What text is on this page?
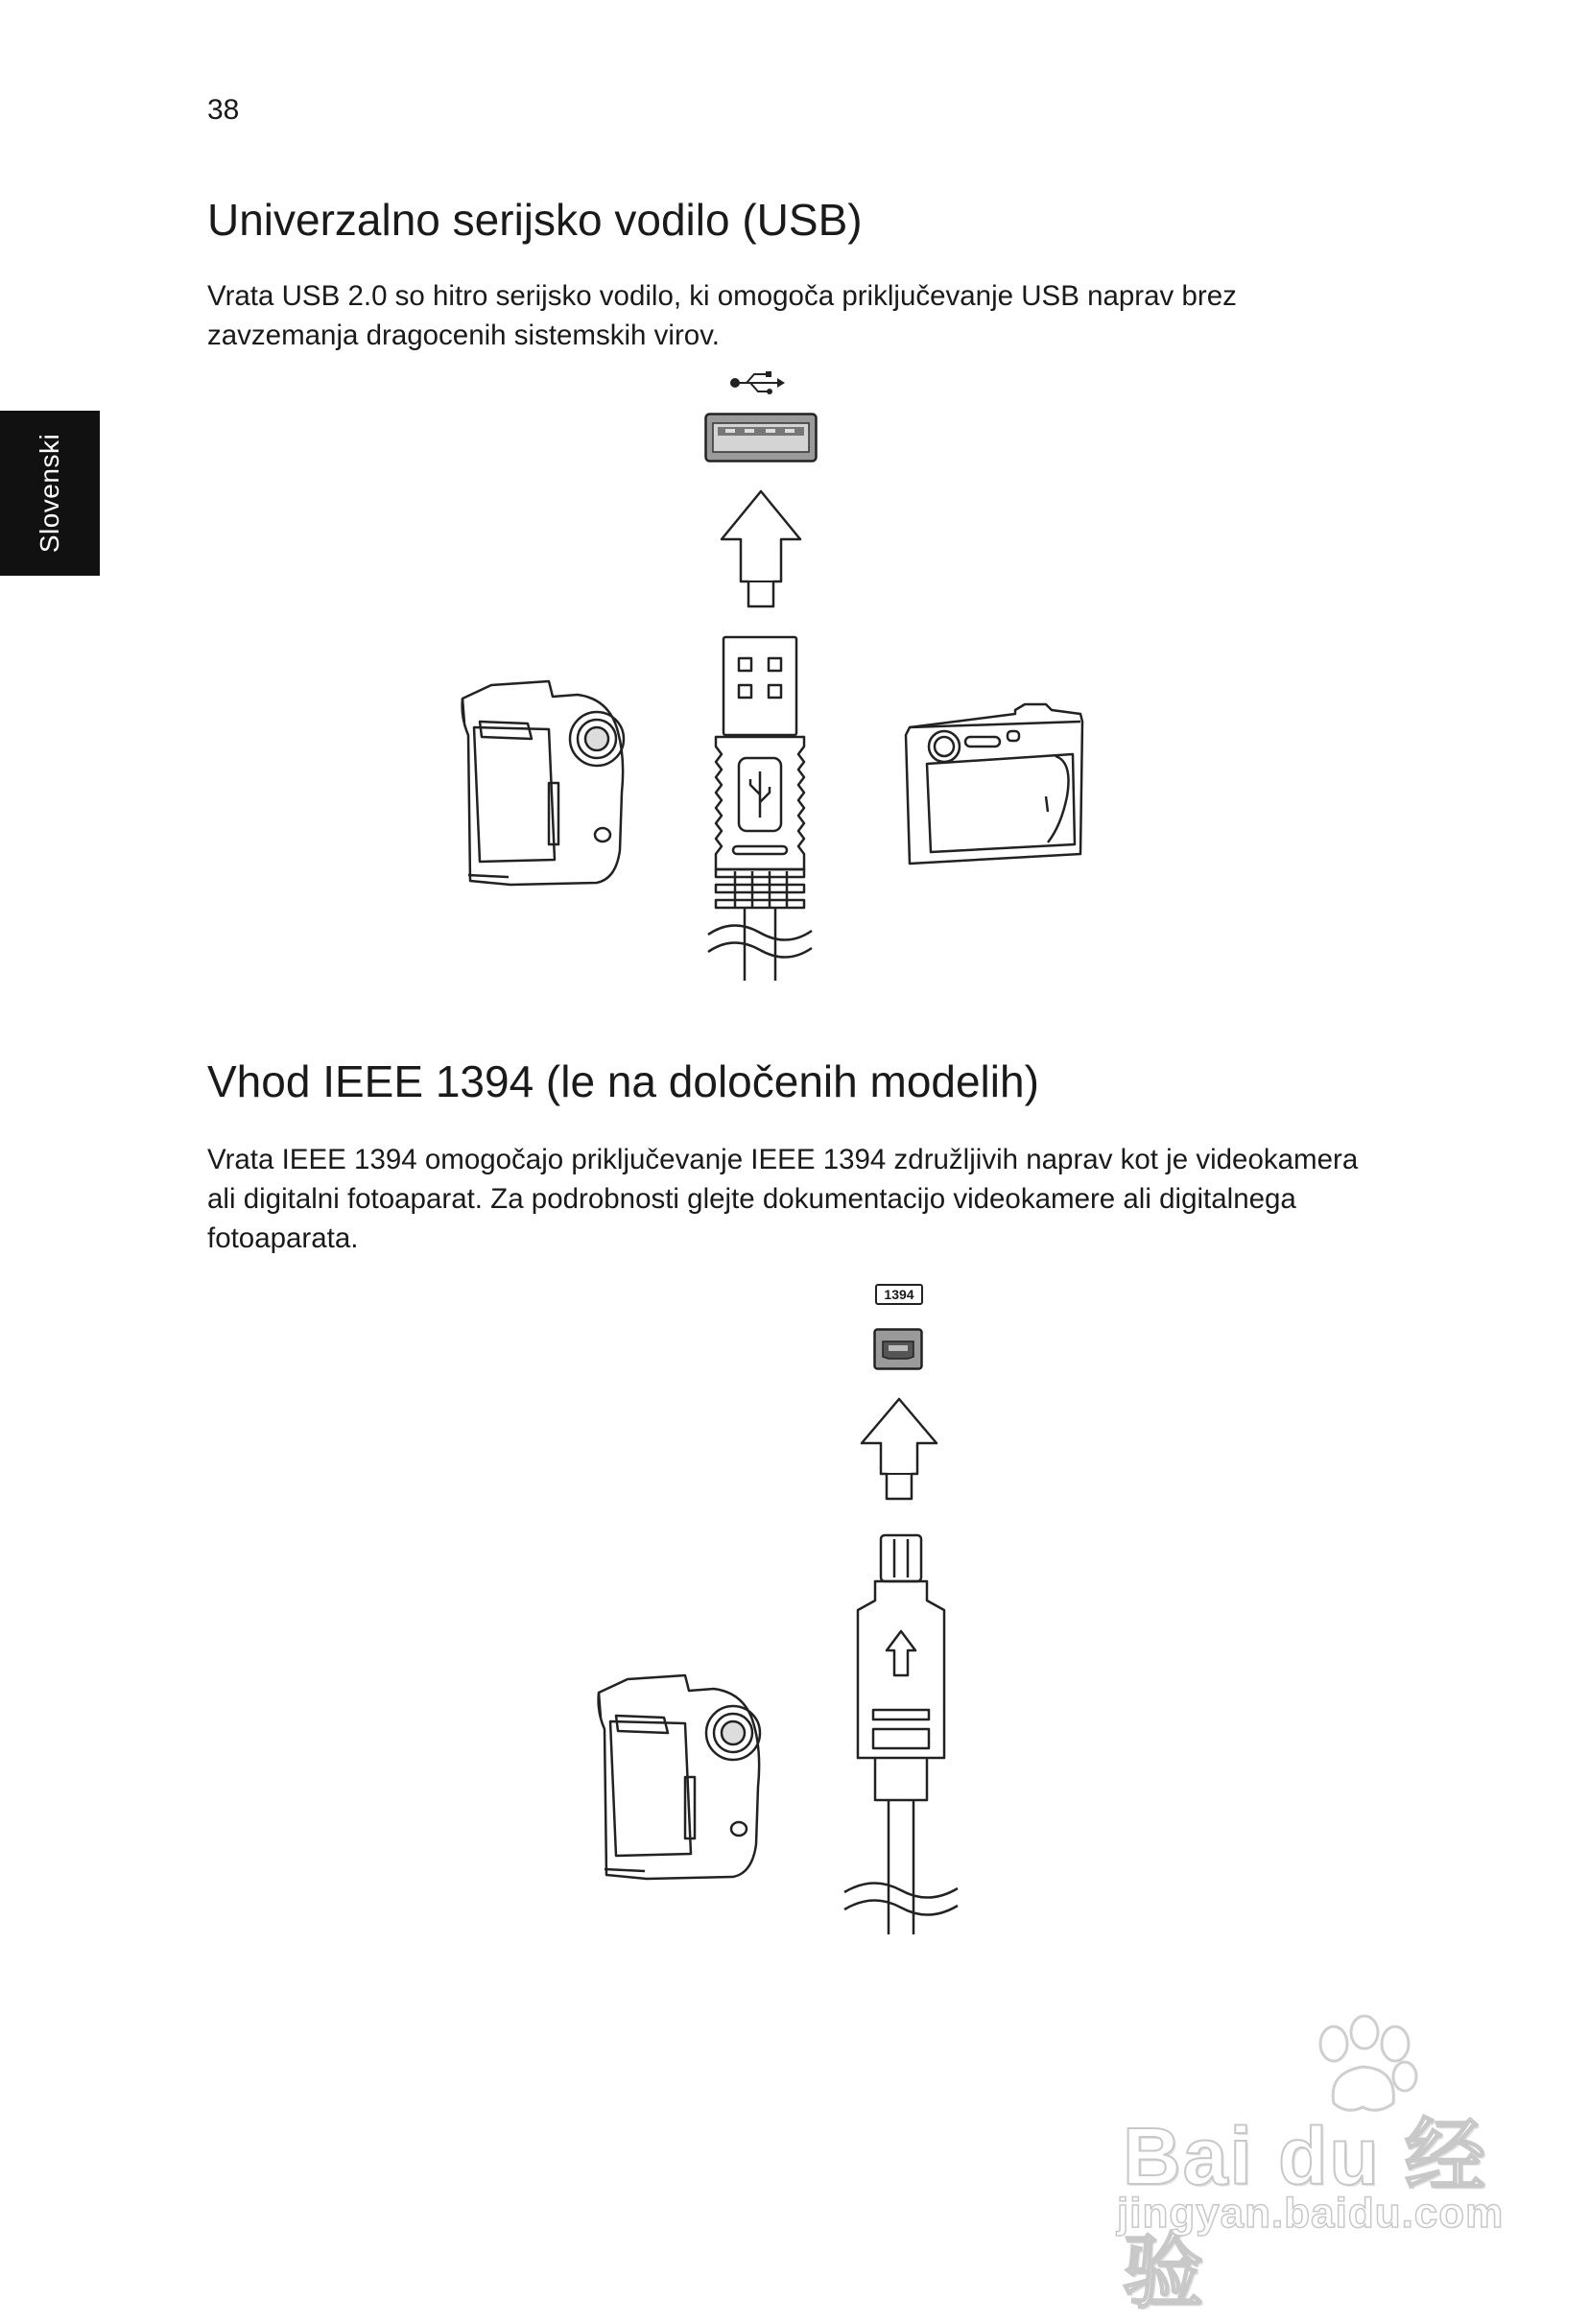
38
Slovenski
Univerzalno serijsko vodilo (USB)

Vrata USB 2.0 so hitro serijsko vodilo, ki omogoča priključevanje USB naprav brez zavzemanja dragocenih sistemskih virov.

Vhod IEEE 1394 (le na določenih modelih)

Vrata IEEE 1394 omogočajo priključevanje IEEE 1394 združljivih naprav kot je videokamera ali digitalni fotoaparat. Za podrobnosti glejte dokumentacijo videokamere ali digitalnega fotoaparata.

1394
Bai du 经验
jingyan.baidu.com
